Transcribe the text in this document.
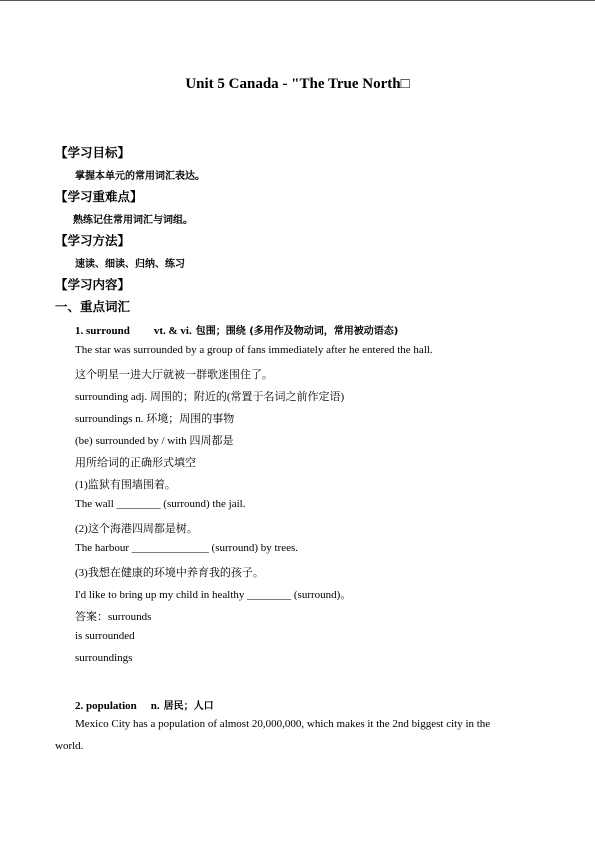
Unit 5 Canada - "The True North□
【学习目标】
掌握本单元的常用词汇表达。
【学习重难点】
熟练记住常用词汇与词组。
【学习方法】
速读、细读、归纳、练习
【学习内容】
一、重点词汇
1. surround vt. & vi. 包围；围绕 (多用作及物动词，常用被动语态)
The star was surrounded by a group of fans immediately after he entered the hall.
这个明星一进大厅就被一群歌迷围住了。
surrounding adj. 周围的；附近的(常置于名词之前作定语)
surroundings n. 环境；周围的事物
(be) surrounded by / with 四周都是
用所给词的正确形式填空
(1)监狱有围墙围着。
The wall ________ (surround) the jail.
(2)这个海港四周都是树。
The harbour ______________ (surround) by trees.
(3)我想在健康的环境中养育我的孩子。
I'd like to bring up my child in healthy ________ (surround)。
答案：surrounds
is surrounded
surroundings
2. population n. 居民；人口
Mexico City has a population of almost 20,000,000, which makes it the 2nd biggest city in the
world.
